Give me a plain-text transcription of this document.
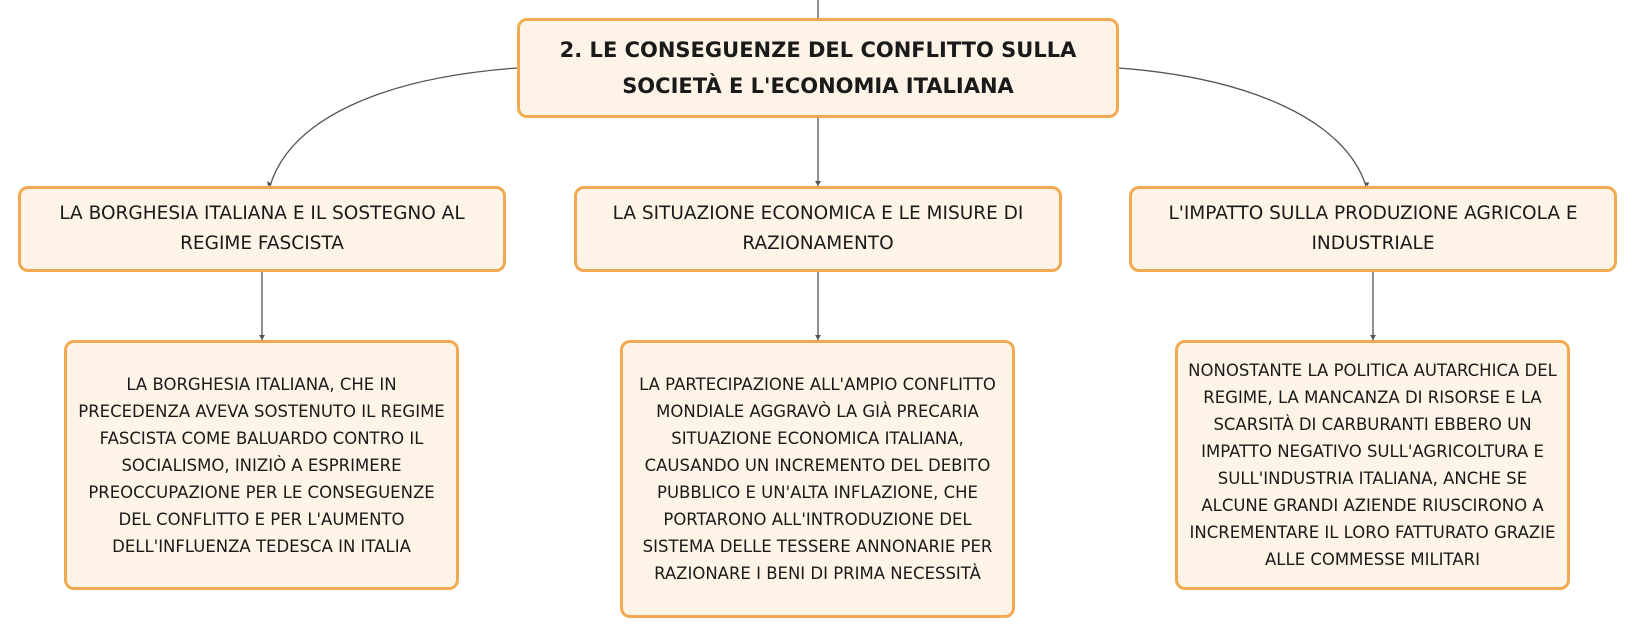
2. LE CONSEGUENZE DEL CONFLITTO SULLA SOCIETÀ E L'ECONOMIA ITALIANA
LA BORGHESIA ITALIANA E IL SOSTEGNO AL REGIME FASCISTA
LA SITUAZIONE ECONOMICA E LE MISURE DI RAZIONAMENTO
L'IMPATTO SULLA PRODUZIONE AGRICOLA E INDUSTRIALE
LA BORGHESIA ITALIANA, CHE IN PRECEDENZA AVEVA SOSTENUTO IL REGIME FASCISTA COME BALUARDO CONTRO IL SOCIALISMO, INIZIÒ A ESPRIMERE PREOCCUPAZIONE PER LE CONSEGUENZE DEL CONFLITTO E PER L'AUMENTO DELL'INFLUENZA TEDESCA IN ITALIA
LA PARTECIPAZIONE ALL'AMPIO CONFLITTO MONDIALE AGGRAVÒ LA GIÀ PRECARIA SITUAZIONE ECONOMICA ITALIANA, CAUSANDO UN INCREMENTO DEL DEBITO PUBBLICO E UN'ALTA INFLAZIONE, CHE PORTARONO ALL'INTRODUZIONE DEL SISTEMA DELLE TESSERE ANNONARIE PER RAZIONARE I BENI DI PRIMA NECESSITÀ
NONOSTANTE LA POLITICA AUTARCHICA DEL REGIME, LA MANCANZA DI RISORSE E LA SCARSITÀ DI CARBURANTI EBBERO UN IMPATTO NEGATIVO SULL'AGRICOLTURA E SULL'INDUSTRIA ITALIANA, ANCHE SE ALCUNE GRANDI AZIENDE RIUSCIRONO A INCREMENTARE IL LORO FATTURATO GRAZIE ALLE COMMESSE MILITARI
